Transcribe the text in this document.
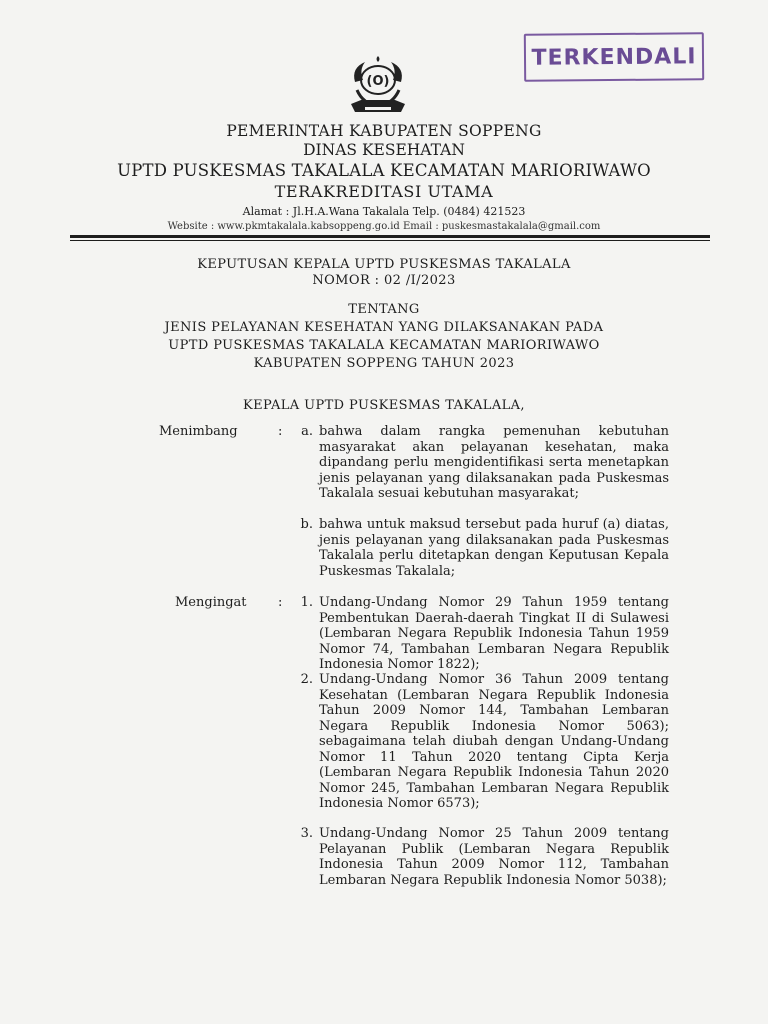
TERKENDALI
(O)
PEMERINTAH KABUPATEN SOPPENG
DINAS KESEHATAN
UPTD PUSKESMAS TAKALALA KECAMATAN MARIORIWAWO
TERAKREDITASI UTAMA
Alamat : Jl.H.A.Wana Takalala Telp. (0484) 421523
Website : www.pkmtakalala.kabsoppeng.go.id Email : puskesmastakalala@gmail.com
KEPUTUSAN KEPALA UPTD PUSKESMAS TAKALALA
NOMOR : 02 /I/2023
TENTANG
JENIS PELAYANAN KESEHATAN YANG DILAKSANAKAN PADA
UPTD PUSKESMAS TAKALALA KECAMATAN MARIORIWAWO
KABUPATEN SOPPENG TAHUN 2023
KEPALA UPTD PUSKESMAS TAKALALA,
Menimbang	:	a. bahwa dalam rangka pemenuhan kebutuhan masyarakat akan pelayanan kesehatan, maka dipandang perlu mengidentifikasi serta menetapkan jenis pelayanan yang dilaksanakan pada Puskesmas Takalala sesuai kebutuhan masyarakat;
b. bahwa untuk maksud tersebut pada huruf (a) diatas, jenis pelayanan yang dilaksanakan pada Puskesmas Takalala perlu ditetapkan dengan Keputusan Kepala Puskesmas Takalala;
Mengingat :	1. Undang-Undang Nomor 29 Tahun 1959 tentang Pembentukan Daerah-daerah Tingkat II di Sulawesi (Lembaran Negara Republik Indonesia Tahun 1959 Nomor 74, Tambahan Lembaran Negara Republik Indonesia Nomor 1822);
2. Undang-Undang Nomor 36 Tahun 2009 tentang Kesehatan (Lembaran Negara Republik Indonesia Tahun 2009 Nomor 144, Tambahan Lembaran Negara Republik Indonesia Nomor 5063); sebagaimana telah diubah dengan Undang-Undang Nomor 11 Tahun 2020 tentang Cipta Kerja (Lembaran Negara Republik Indonesia Tahun 2020 Nomor 245, Tambahan Lembaran Negara Republik Indonesia Nomor 6573);
3. Undang-Undang Nomor 25 Tahun 2009 tentang Pelayanan Publik (Lembaran Negara Republik Indonesia Tahun 2009 Nomor 112, Tambahan Lembaran Negara Republik Indonesia Nomor 5038);
